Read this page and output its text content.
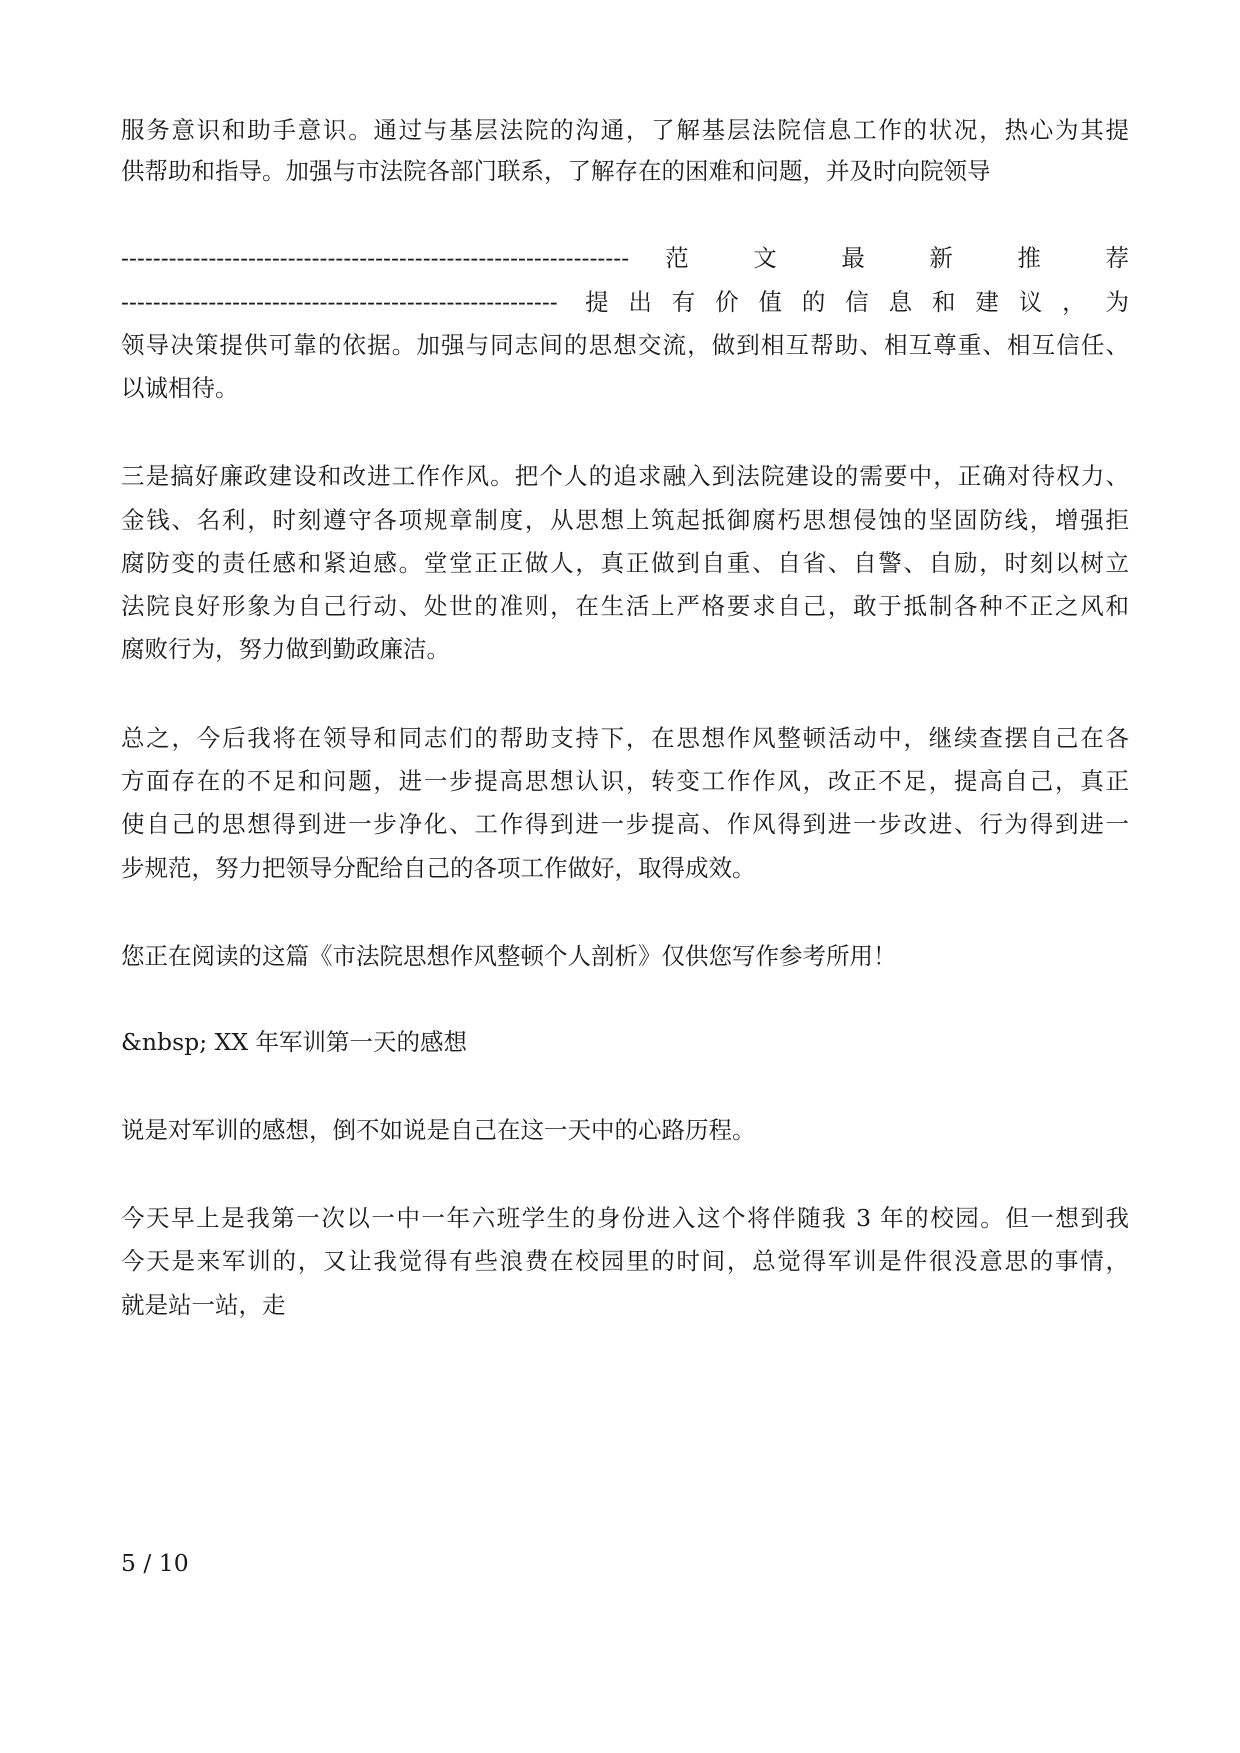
服务意识和助手意识。通过与基层法院的沟通，了解基层法院信息工作的状况，热心为其提
供帮助和指导。加强与市法院各部门联系，了解存在的困难和问题，并及时向院领导
---------------------------------------------------------------- 范 文 最 新 推 荐
------------------------------------------------------- 提出有价值的信息和建议，为
领导决策提供可靠的依据。加强与同志间的思想交流，做到相互帮助、相互尊重、相互信任、
以诚相待。
三是搞好廉政建设和改进工作作风。把个人的追求融入到法院建设的需要中，正确对待权力、
金钱、名利，时刻遵守各项规章制度，从思想上筑起抵御腐朽思想侵蚀的坚固防线，增强拒
腐防变的责任感和紧迫感。堂堂正正做人，真正做到自重、自省、自警、自励，时刻以树立
法院良好形象为自己行动、处世的准则，在生活上严格要求自己，敢于抵制各种不正之风和
腐败行为，努力做到勤政廉洁。
总之，今后我将在领导和同志们的帮助支持下，在思想作风整顿活动中，继续查摆自己在各
方面存在的不足和问题，进一步提高思想认识，转变工作作风，改正不足，提高自己，真正
使自己的思想得到进一步净化、工作得到进一步提高、作风得到进一步改进、行为得到进一
步规范，努力把领导分配给自己的各项工作做好，取得成效。
您正在阅读的这篇《市法院思想作风整顿个人剖析》仅供您写作参考所用！
&nbsp; XX 年军训第一天的感想
说是对军训的感想，倒不如说是自己在这一天中的心路历程。
今天早上是我第一次以一中一年六班学生的身份进入这个将伴随我 3 年的校园。但一想到我
今天是来军训的，又让我觉得有些浪费在校园里的时间，总觉得军训是件很没意思的事情，
就是站一站，走
5 / 10
